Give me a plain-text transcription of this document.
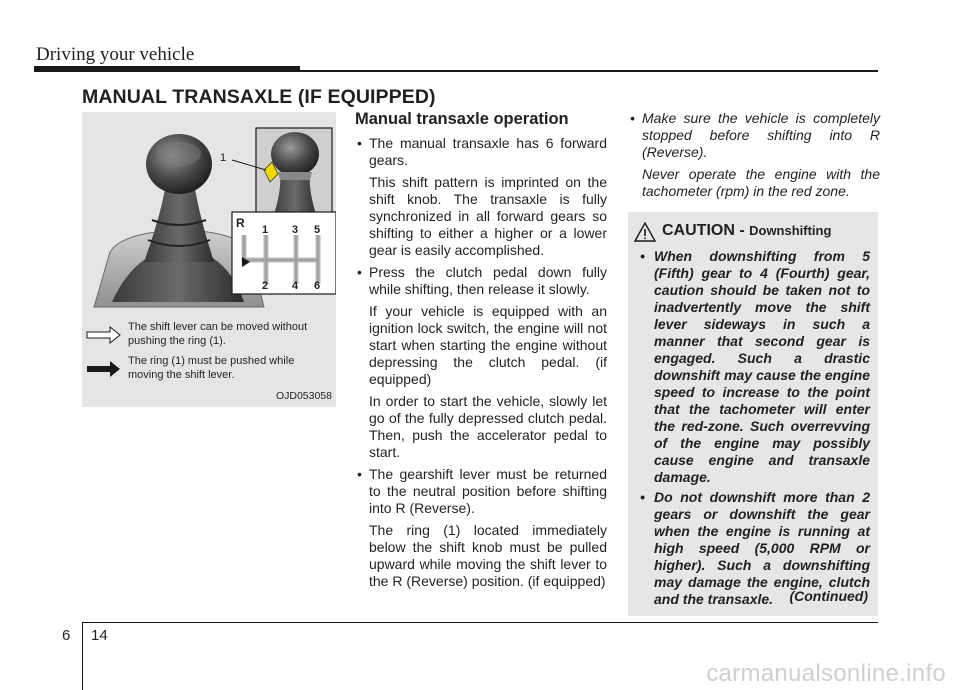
Driving your vehicle
MANUAL TRANSAXLE (IF EQUIPPED)
1
R 1 3 5
2 4 6
The shift lever can be moved without pushing the ring (1).
The ring (1) must be pushed while moving the shift lever.
OJD053058
Manual transaxle operation
• The manual transaxle has 6 forward gears.
This shift pattern is imprinted on the shift knob. The transaxle is fully synchronized in all forward gears so shifting to either a higher or a lower gear is easily accomplished.
• Press the clutch pedal down fully while shifting, then release it slowly.
If your vehicle is equipped with an ignition lock switch, the engine will not start when starting the engine without depressing the clutch pedal. (if equipped)
In order to start the vehicle, slowly let go of the fully depressed clutch pedal. Then, push the accelerator pedal to start.
• The gearshift lever must be returned to the neutral position before shifting into R (Reverse).
The ring (1) located immediately below the shift knob must be pulled upward while moving the shift lever to the R (Reverse) position. (if equipped)
• Make sure the vehicle is completely stopped before shifting into R (Reverse).
Never operate the engine with the tachometer (rpm) in the red zone.
CAUTION - Downshifting
• When downshifting from 5 (Fifth) gear to 4 (Fourth) gear, caution should be taken not to inadvertently move the shift lever sideways in such a manner that second gear is engaged. Such a drastic downshift may cause the engine speed to increase to the point that the tachometer will enter the red-zone. Such overrevving of the engine may possibly cause engine and transaxle damage.
• Do not downshift more than 2 gears or downshift the gear when the engine is running at high speed (5,000 RPM or higher). Such a downshifting may damage the engine, clutch and the transaxle.	(Continued)
6 14
carmanualsonline.info
